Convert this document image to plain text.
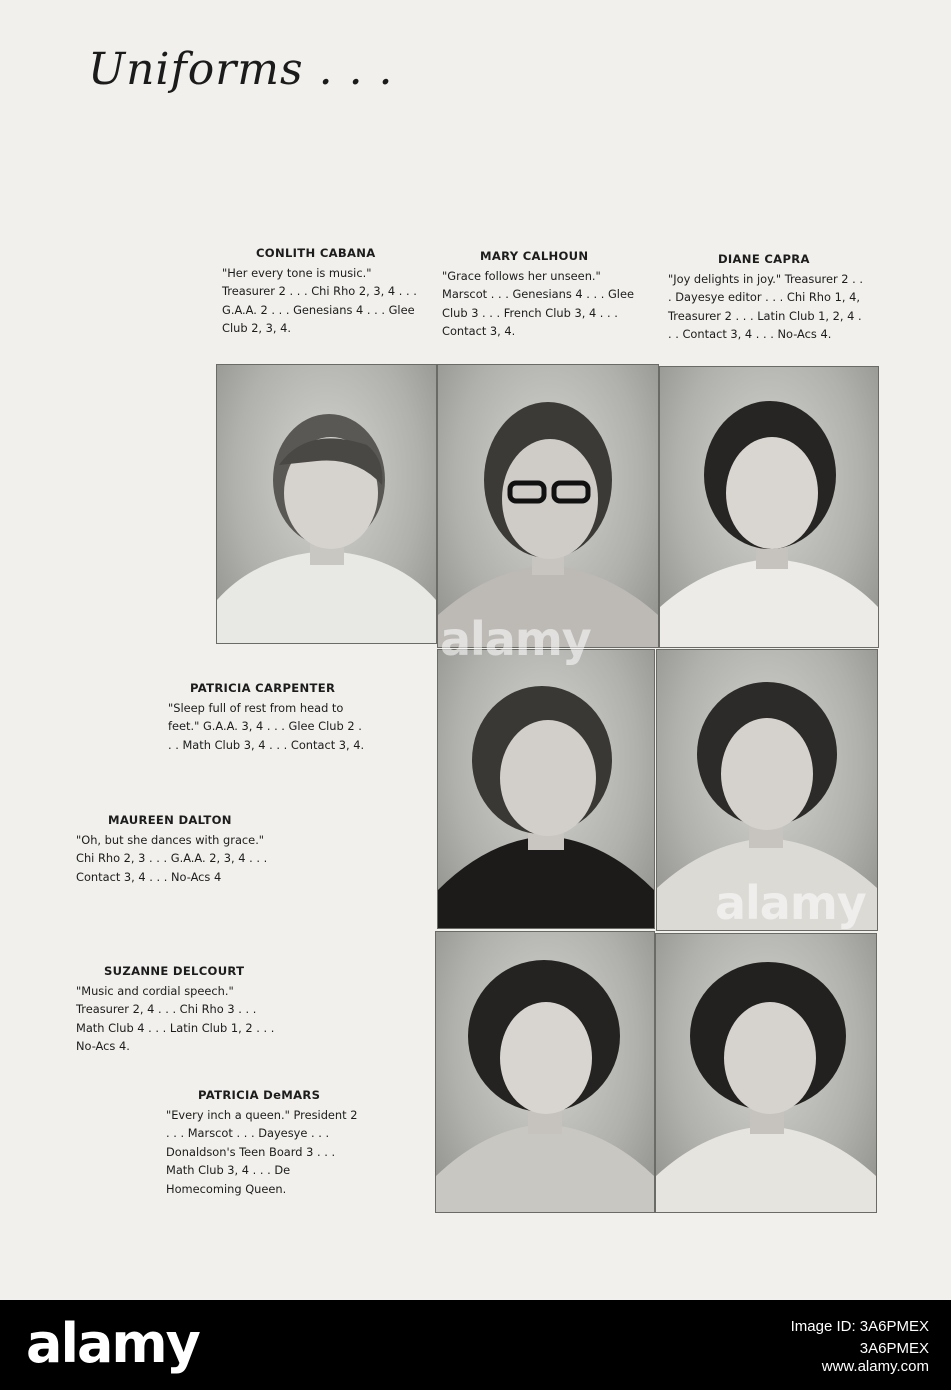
Uniforms . . .
CONLITH CABANA
"Her every tone is music." Treasurer 2 . . . Chi Rho 2, 3, 4 . . . G.A.A. 2 . . . Genesians 4 . . . Glee Club 2, 3, 4.
MARY CALHOUN
"Grace follows her unseen." Marscot . . . Genesians 4 . . . Glee Club 3 . . . French Club 3, 4 . . . Contact 3, 4.
DIANE CAPRA
"Joy delights in joy." Treasurer 2 . . . Dayesye editor . . . Chi Rho 1, 4, Treasurer 2 . . . Latin Club 1, 2, 4 . . . Contact 3, 4 . . . No-Acs 4.
PATRICIA CARPENTER
"Sleep full of rest from head to feet." G.A.A. 3, 4 . . . Glee Club 2 . . . Math Club 3, 4 . . . Contact 3, 4.
MAUREEN DALTON
"Oh, but she dances with grace." Chi Rho 2, 3 . . . G.A.A. 2, 3, 4 . . . Contact 3, 4 . . . No-Acs 4
SUZANNE DELCOURT
"Music and cordial speech." Treasurer 2, 4 . . . Chi Rho 3 . . . Math Club 4 . . . Latin Club 1, 2 . . . No-Acs 4.
PATRICIA DeMARS
"Every inch a queen." President 2 . . . Marscot . . . Dayesye . . . Donaldson's Teen Board 3 . . . Math Club 3, 4 . . . De Homecoming Queen.
alamy
alamy
alamy	Image ID: 3A6PMEX
3A6PMEX
www.alamy.com
